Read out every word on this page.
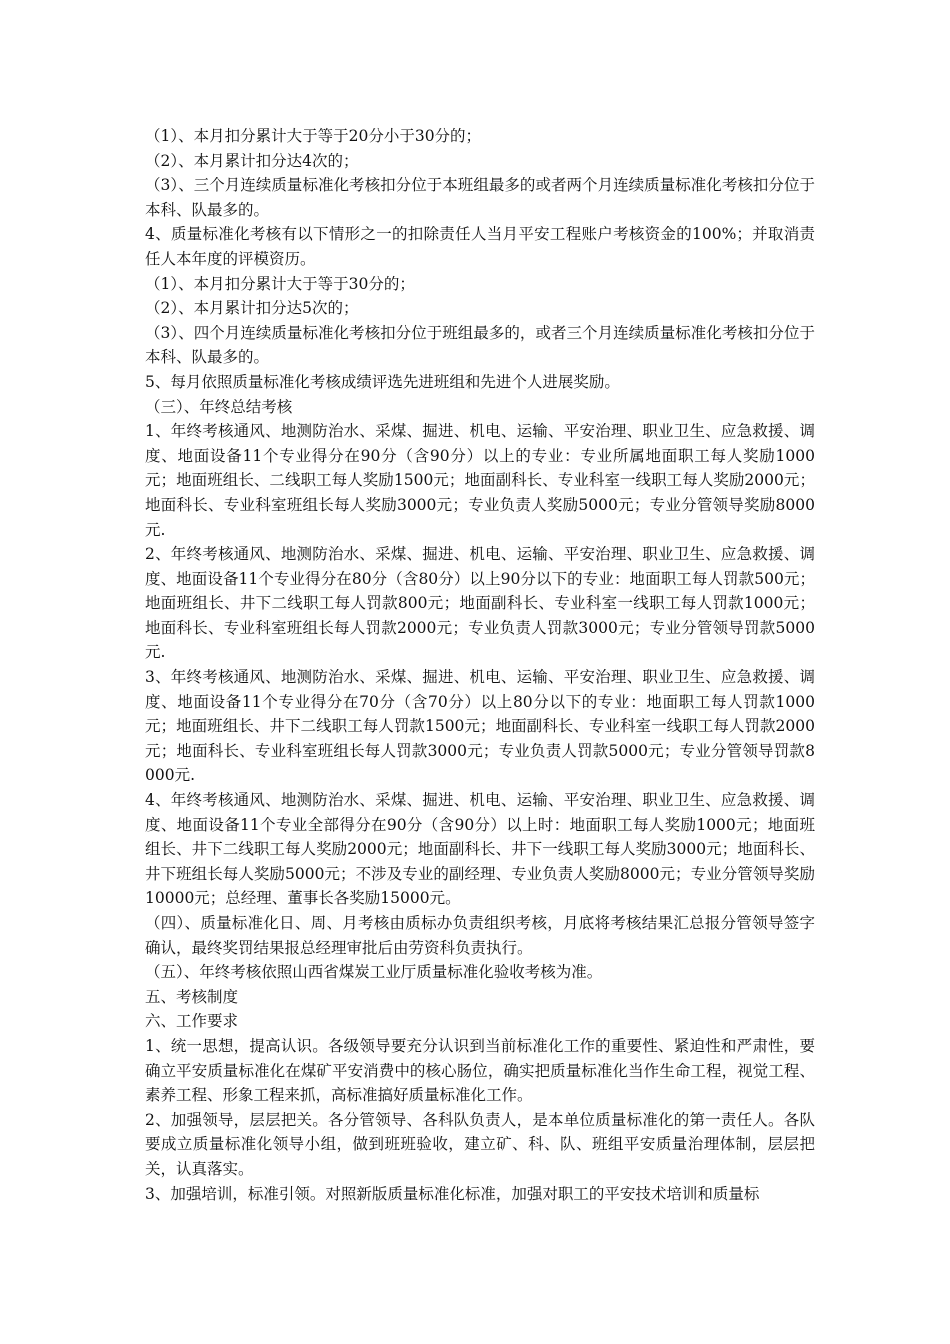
（1）、本月扣分累计大于等于20分小于30分的；

（2）、本月累计扣分达4次的；

（3）、三个月连续质量标准化考核扣分位于本班组最多的或者两个月连续质量标准化考核扣分位于本科、队最多的。

4、质量标准化考核有以下情形之一的扣除责任人当月平安工程账户考核资金的100%；并取消责任人本年度的评模资历。

（1）、本月扣分累计大于等于30分的；

（2）、本月累计扣分达5次的；

（3）、四个月连续质量标准化考核扣分位于班组最多的，或者三个月连续质量标准化考核扣分位于本科、队最多的。

5、每月依照质量标准化考核成绩评选先进班组和先进个人进展奖励。

（三）、年终总结考核

1、年终考核通风、地测防治水、采煤、掘进、机电、运输、平安治理、职业卫生、应急救援、调度、地面设备11个专业得分在90分（含90分）以上的专业：专业所属地面职工每人奖励1000元；地面班组长、二线职工每人奖励1500元；地面副科长、专业科室一线职工每人奖励2000元；地面科长、专业科室班组长每人奖励3000元；专业负责人奖励5000元；专业分管领导奖励8000元.

2、年终考核通风、地测防治水、采煤、掘进、机电、运输、平安治理、职业卫生、应急救援、调度、地面设备11个专业得分在80分（含80分）以上90分以下的专业：地面职工每人罚款500元；地面班组长、井下二线职工每人罚款800元；地面副科长、专业科室一线职工每人罚款1000元；地面科长、专业科室班组长每人罚款2000元；专业负责人罚款3000元；专业分管领导罚款5000元.

3、年终考核通风、地测防治水、采煤、掘进、机电、运输、平安治理、职业卫生、应急救援、调度、地面设备11个专业得分在70分（含70分）以上80分以下的专业：地面职工每人罚款1000元；地面班组长、井下二线职工每人罚款1500元；地面副科长、专业科室一线职工每人罚款2000元；地面科长、专业科室班组长每人罚款3000元；专业负责人罚款5000元；专业分管领导罚款8000元.

4、年终考核通风、地测防治水、采煤、掘进、机电、运输、平安治理、职业卫生、应急救援、调度、地面设备11个专业全部得分在90分（含90分）以上时：地面职工每人奖励1000元；地面班组长、井下二线职工每人奖励2000元；地面副科长、井下一线职工每人奖励3000元；地面科长、井下班组长每人奖励5000元；不涉及专业的副经理、专业负责人奖励8000元；专业分管领导奖励10000元；总经理、董事长各奖励15000元。

（四）、质量标准化日、周、月考核由质标办负责组织考核，月底将考核结果汇总报分管领导签字确认，最终奖罚结果报总经理审批后由劳资科负责执行。

（五）、年终考核依照山西省煤炭工业厅质量标准化验收考核为准。

五、考核制度

六、工作要求

1、统一思想，提高认识。各级领导要充分认识到当前标准化工作的重要性、紧迫性和严肃性，要确立平安质量标准化在煤矿平安消费中的核心肠位，确实把质量标准化当作生命工程，视觉工程、素养工程、形象工程来抓，高标准搞好质量标准化工作。

2、加强领导，层层把关。各分管领导、各科队负责人，是本单位质量标准化的第一责任人。各队要成立质量标准化领导小组，做到班班验收，建立矿、科、队、班组平安质量治理体制，层层把关，认真落实。

3、加强培训，标准引领。对照新版质量标准化标准，加强对职工的平安技术培训和质量标
